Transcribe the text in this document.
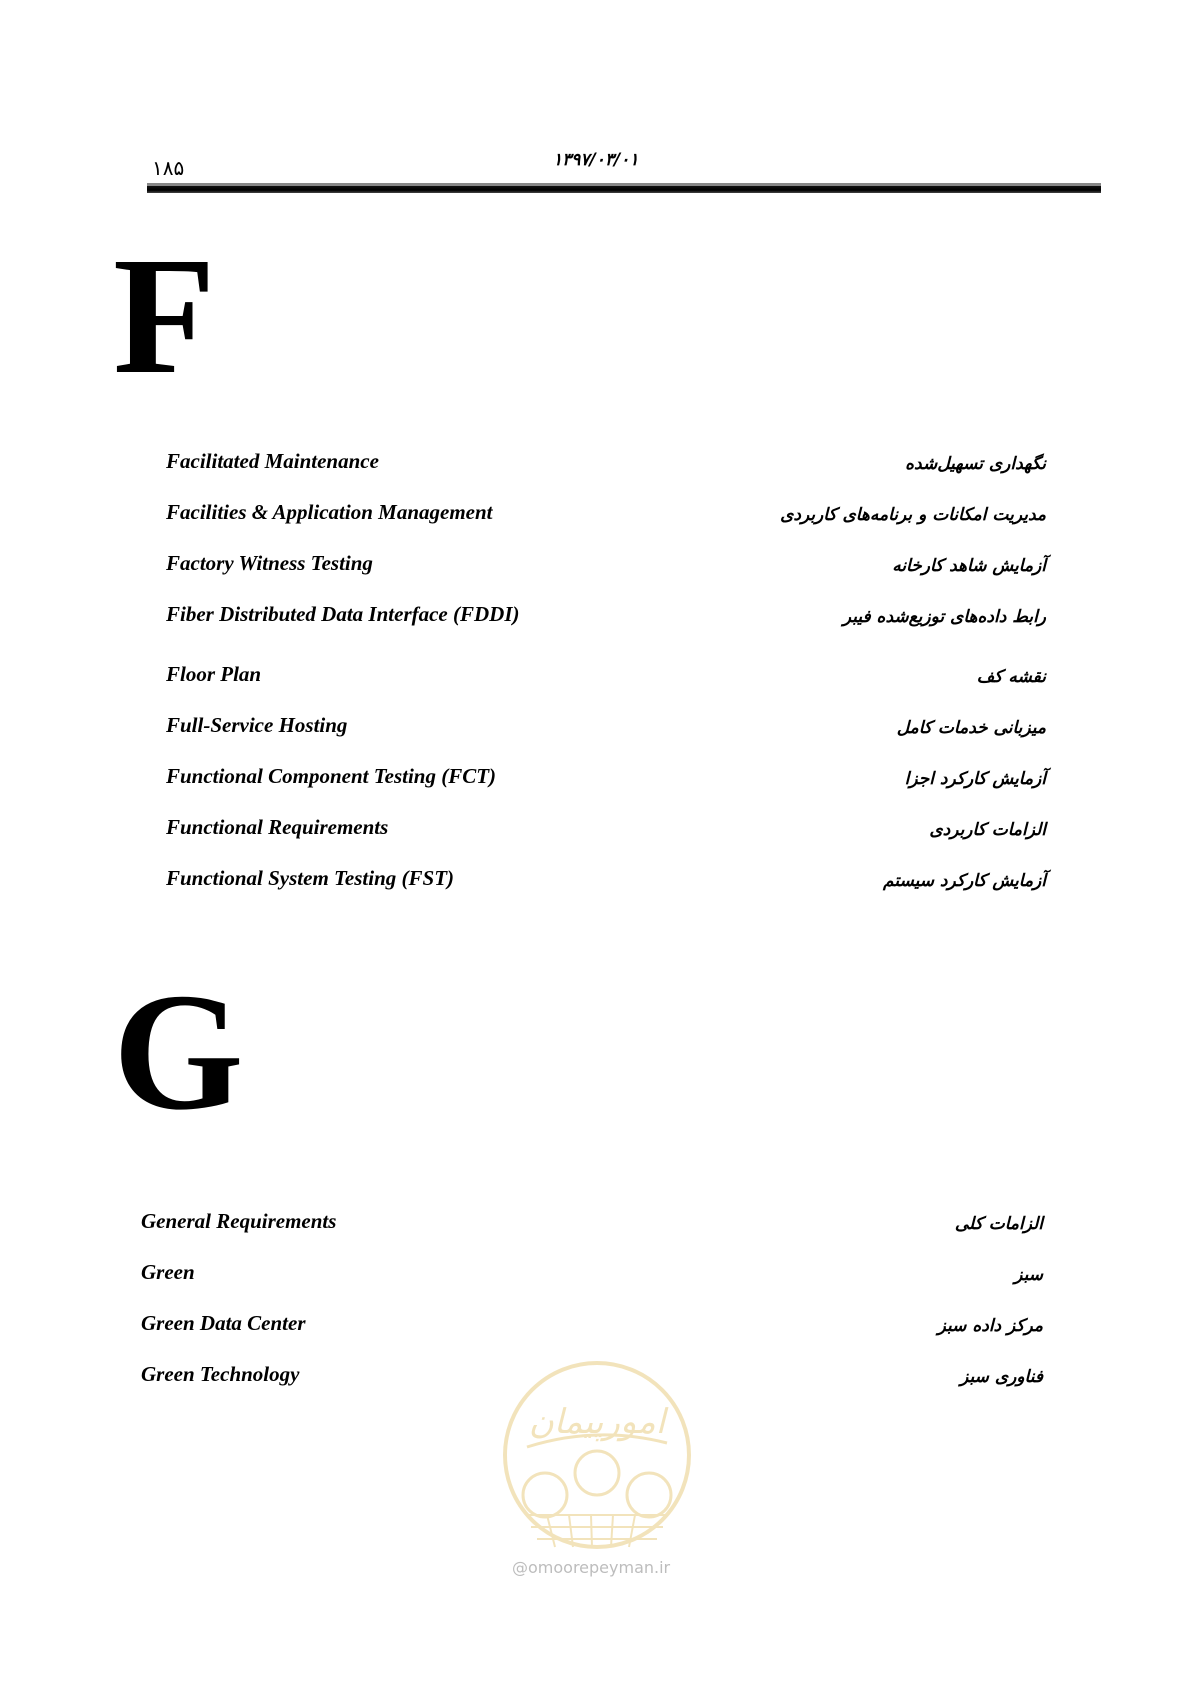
۱۸۵	۱۳۹۷/۰۳/۰۱
F
Facilitated Maintenance	نگهداری تسهیل‌شده
Facilities & Application Management	مدیریت امکانات و برنامه‌های کاربردی
Factory Witness Testing	آزمایش شاهد کارخانه
Fiber Distributed Data Interface (FDDI)	رابط داده‌های توزیع‌شده فیبر
Floor Plan	نقشه کف
Full-Service Hosting	میزبانی خدمات کامل
Functional Component Testing (FCT)	آزمایش کارکرد اجزا
Functional Requirements	الزامات کاربردی
Functional System Testing (FST)	آزمایش کارکرد سیستم
G
General Requirements	الزامات کلی
Green	سبز
Green Data Center	مرکز داده سبز
Green Technology	فناوری سبز
امورپیمان
@omoorepeyman.ir
